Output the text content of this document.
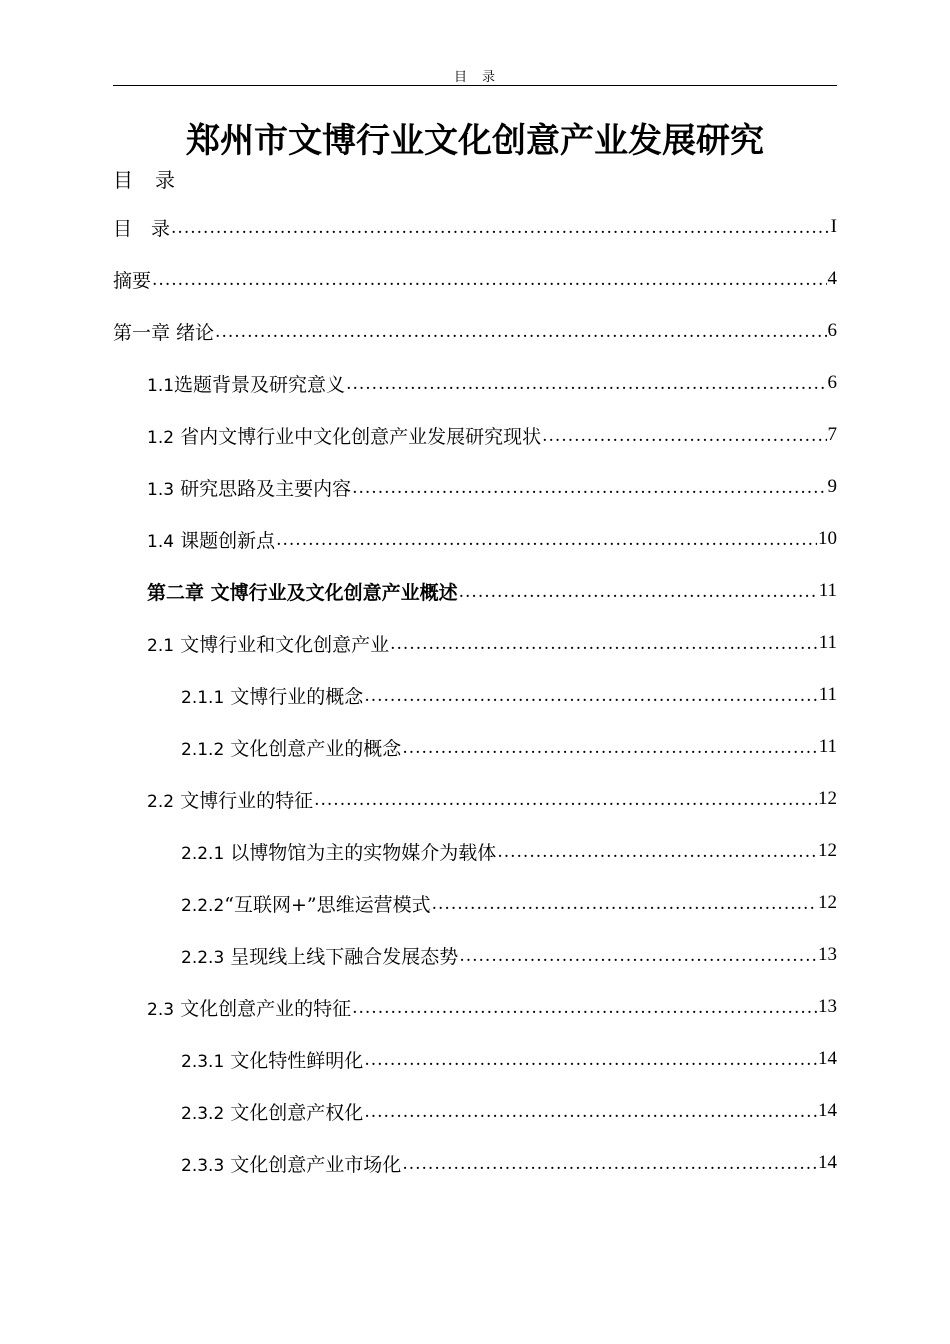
目　录
郑州市文博行业文化创意产业发展研究
目 录
目　录 .....	I
摘要 .....	4
第一章 绪论 .....	6
1.1选题背景及研究意义 .....	6
1.2 省内文博行业中文化创意产业发展研究现状 .....	7
1.3 研究思路及主要内容 .....	9
1.4 课题创新点 .....	10
第二章 文博行业及文化创意产业概述 .....	11
2.1 文博行业和文化创意产业 .....	11
2.1.1 文博行业的概念 .....	11
2.1.2 文化创意产业的概念 .....	11
2.2 文博行业的特征 .....	12
2.2.1 以博物馆为主的实物媒介为载体 .....	12
2.2.2“互联网+”思维运营模式 .....	12
2.2.3 呈现线上线下融合发展态势 .....	13
2.3 文化创意产业的特征 .....	13
2.3.1 文化特性鲜明化 .....	14
2.3.2 文化创意产权化 .....	14
2.3.3 文化创意产业市场化 .....	14
